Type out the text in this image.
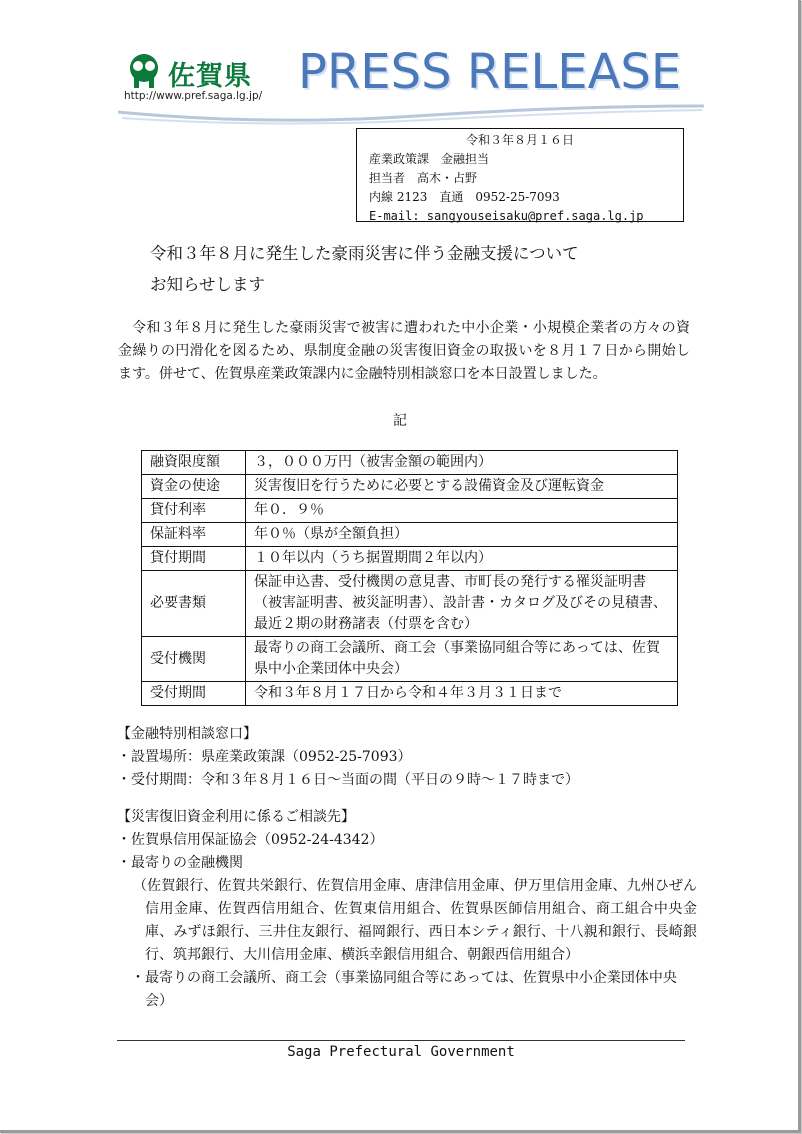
佐賀県
http://www.pref.saga.lg.jp/ PRESS RELEASE
令和３年８月１６日
産業政策課　金融担当
担当者　高木・占野
内線 2123　直通　0952-25-7093
E-mail: sangyouseisaku@pref.saga.lg.jp
令和３年８月に発生した豪雨災害に伴う金融支援について
お知らせします
令和３年８月に発生した豪雨災害で被害に遭われた中小企業・小規模企業者の方々の資金繰りの円滑化を図るため、県制度金融の災害復旧資金の取扱いを８月１７日から開始します。併せて、佐賀県産業政策課内に金融特別相談窓口を本日設置しました。
記
融資限度額	３，０００万円（被害金額の範囲内）
資金の使途	災害復旧を行うために必要とする設備資金及び運転資金
貸付利率	年０．９％
保証料率	年０％（県が全額負担）
貸付期間	１０年以内（うち据置期間２年以内）
必要書類	保証申込書、受付機関の意見書、市町長の発行する罹災証明書（被害証明書、被災証明書）、設計書・カタログ及びその見積書、最近２期の財務諸表（付票を含む）
受付機関	最寄りの商工会議所、商工会（事業協同組合等にあっては、佐賀県中小企業団体中央会）
受付期間	令和３年８月１７日から令和４年３月３１日まで
【金融特別相談窓口】
・設置場所：県産業政策課（0952-25-7093）
・受付期間：令和３年８月１６日～当面の間（平日の９時～１７時まで）
【災害復旧資金利用に係るご相談先】
・佐賀県信用保証協会（0952-24-4342）
・最寄りの金融機関
（佐賀銀行、佐賀共栄銀行、佐賀信用金庫、唐津信用金庫、伊万里信用金庫、九州ひぜん信用金庫、佐賀西信用組合、佐賀東信用組合、佐賀県医師信用組合、商工組合中央金庫、みずほ銀行、三井住友銀行、福岡銀行、西日本シティ銀行、十八親和銀行、長崎銀行、筑邦銀行、大川信用金庫、横浜幸銀信用組合、朝銀西信用組合）
・最寄りの商工会議所、商工会（事業協同組合等にあっては、佐賀県中小企業団体中央会）
Saga Prefectural Government
